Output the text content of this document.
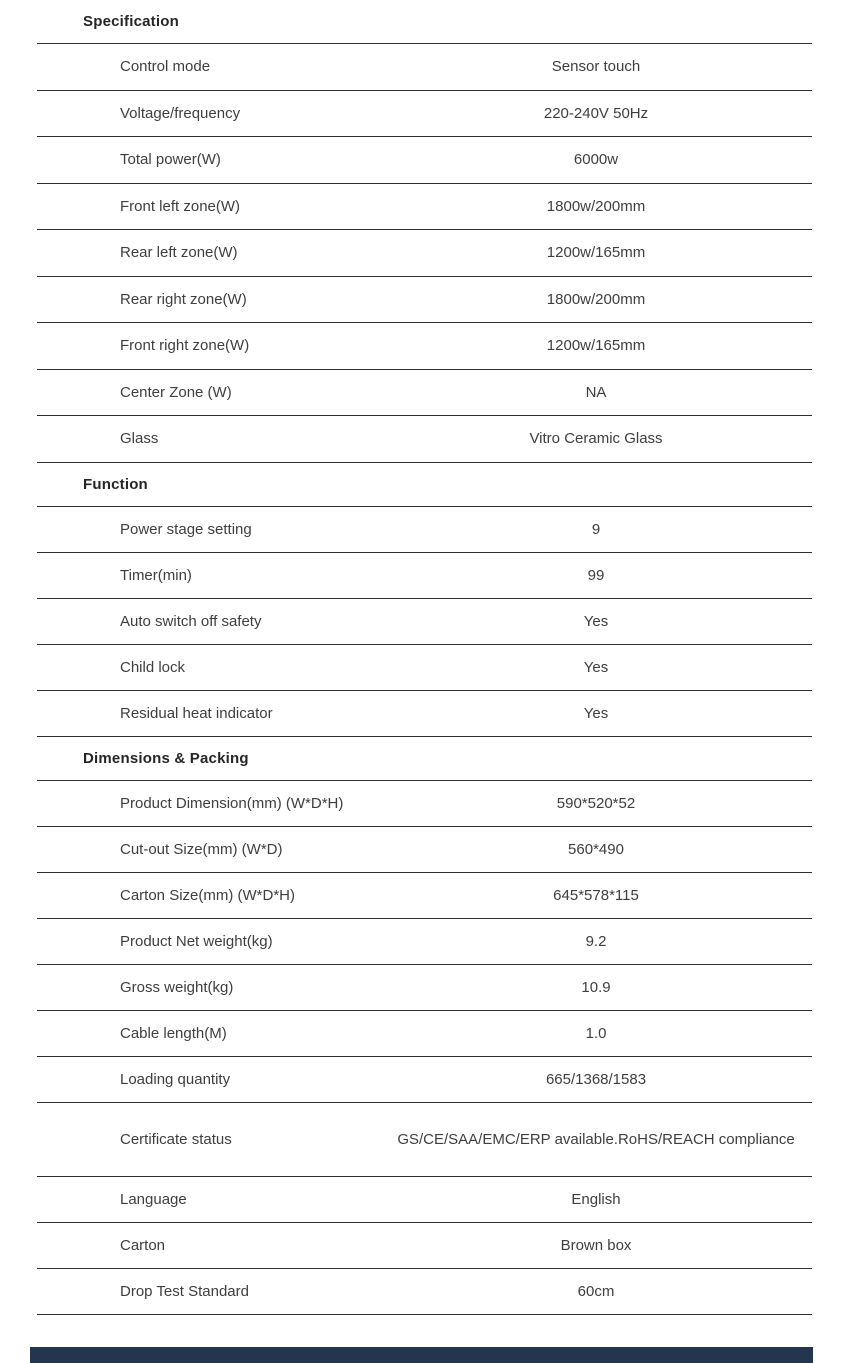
Specification
Control mode	Sensor touch
Voltage/frequency	220-240V 50Hz
Total power(W)	6000w
Front left zone(W)	1800w/200mm
Rear left zone(W)	1200w/165mm
Rear right zone(W)	1800w/200mm
Front right zone(W)	1200w/165mm
Center Zone (W)	NA
Glass	Vitro Ceramic Glass
Function
Power stage setting	9
Timer(min)	99
Auto switch off safety	Yes
Child lock	Yes
Residual heat indicator	Yes
Dimensions & Packing
Product Dimension(mm) (W*D*H)	590*520*52
Cut-out Size(mm) (W*D)	560*490
Carton Size(mm) (W*D*H)	645*578*115
Product Net weight(kg)	9.2
Gross weight(kg)	10.9
Cable length(M)	1.0
Loading quantity	665/1368/1583
Certificate status	GS/CE/SAA/EMC/ERP available.RoHS/REACH compliance
Language	English
Carton	Brown box
Drop Test Standard	60cm
